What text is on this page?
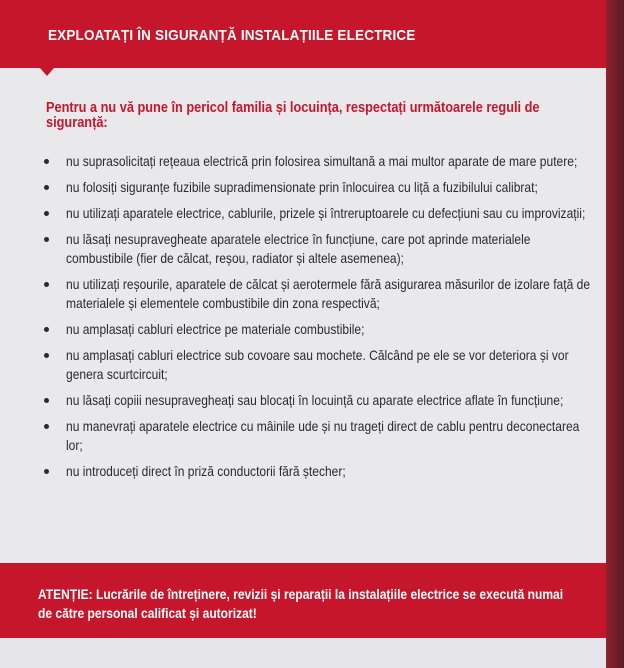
EXPLOATAȚI ÎN SIGURANȚĂ INSTALAȚIILE ELECTRICE
Pentru a nu vă pune în pericol familia și locuința, respectați următoarele reguli de siguranță:
nu suprasolicitați rețeaua electrică prin folosirea simultană a mai multor aparate de mare putere;
nu folosiți siguranțe fuzibile supradimensionate prin înlocuirea cu liță a fuzibilului calibrat;
nu utilizați aparatele electrice, cablurile, prizele și întreruptoarele cu defecțiuni sau cu improvizații;
nu lăsați nesupravegheate aparatele electrice în funcțiune, care pot aprinde materialele combustibile (fier de călcat, reșou, radiator și altele asemenea);
nu utilizați reșourile, aparatele de călcat și aerotermele fără asigurarea măsurilor de izolare față de materialele și elementele combustibile din zona respectivă;
nu amplasați cabluri electrice pe materiale combustibile;
nu amplasați cabluri electrice sub covoare sau mochete. Călcând pe ele se vor deteriora și vor genera scurtcircuit;
nu lăsați copiii nesupravegheați sau blocați în locuință cu aparate electrice aflate în funcțiune;
nu manevrați aparatele electrice cu mâinile ude și nu trageți direct de cablu pentru deconectarea lor;
nu introduceți direct în priză conductorii fără ștecher;
ATENȚIE: Lucrările de întreținere, revizii și reparații la instalațiile electrice se execută numai de către personal calificat și autorizat!
